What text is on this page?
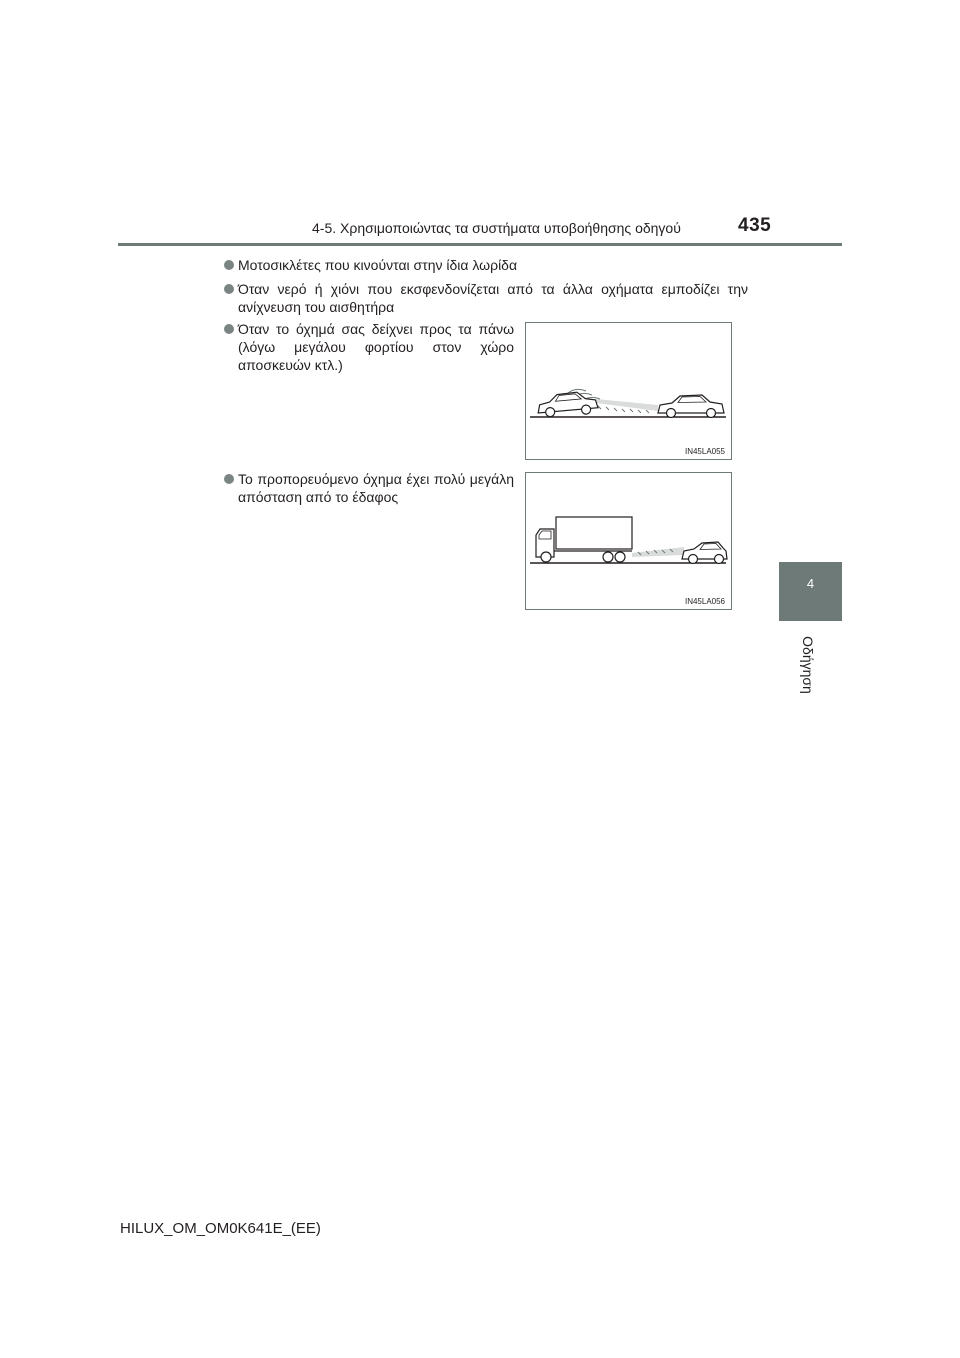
4-5. Χρησιμοποιώντας τα συστήματα υποβοήθησης οδηγού	435
4
Οδήγηση
Μοτοσικλέτες που κινούνται στην ίδια λωρίδα
Όταν νερό ή χιόνι που εκσφενδονίζεται από τα άλλα οχήματα εμποδίζει την ανίχνευση του αισθητήρα
Όταν το όχημά σας δείχνει προς τα πάνω (λόγω μεγάλου φορτίου στον χώρο αποσκευών κτλ.)
IN45LA055
Το προπορευόμενο όχημα έχει πολύ μεγάλη απόσταση από το έδαφος
IN45LA056
HILUX_OM_OM0K641E_(EE)
